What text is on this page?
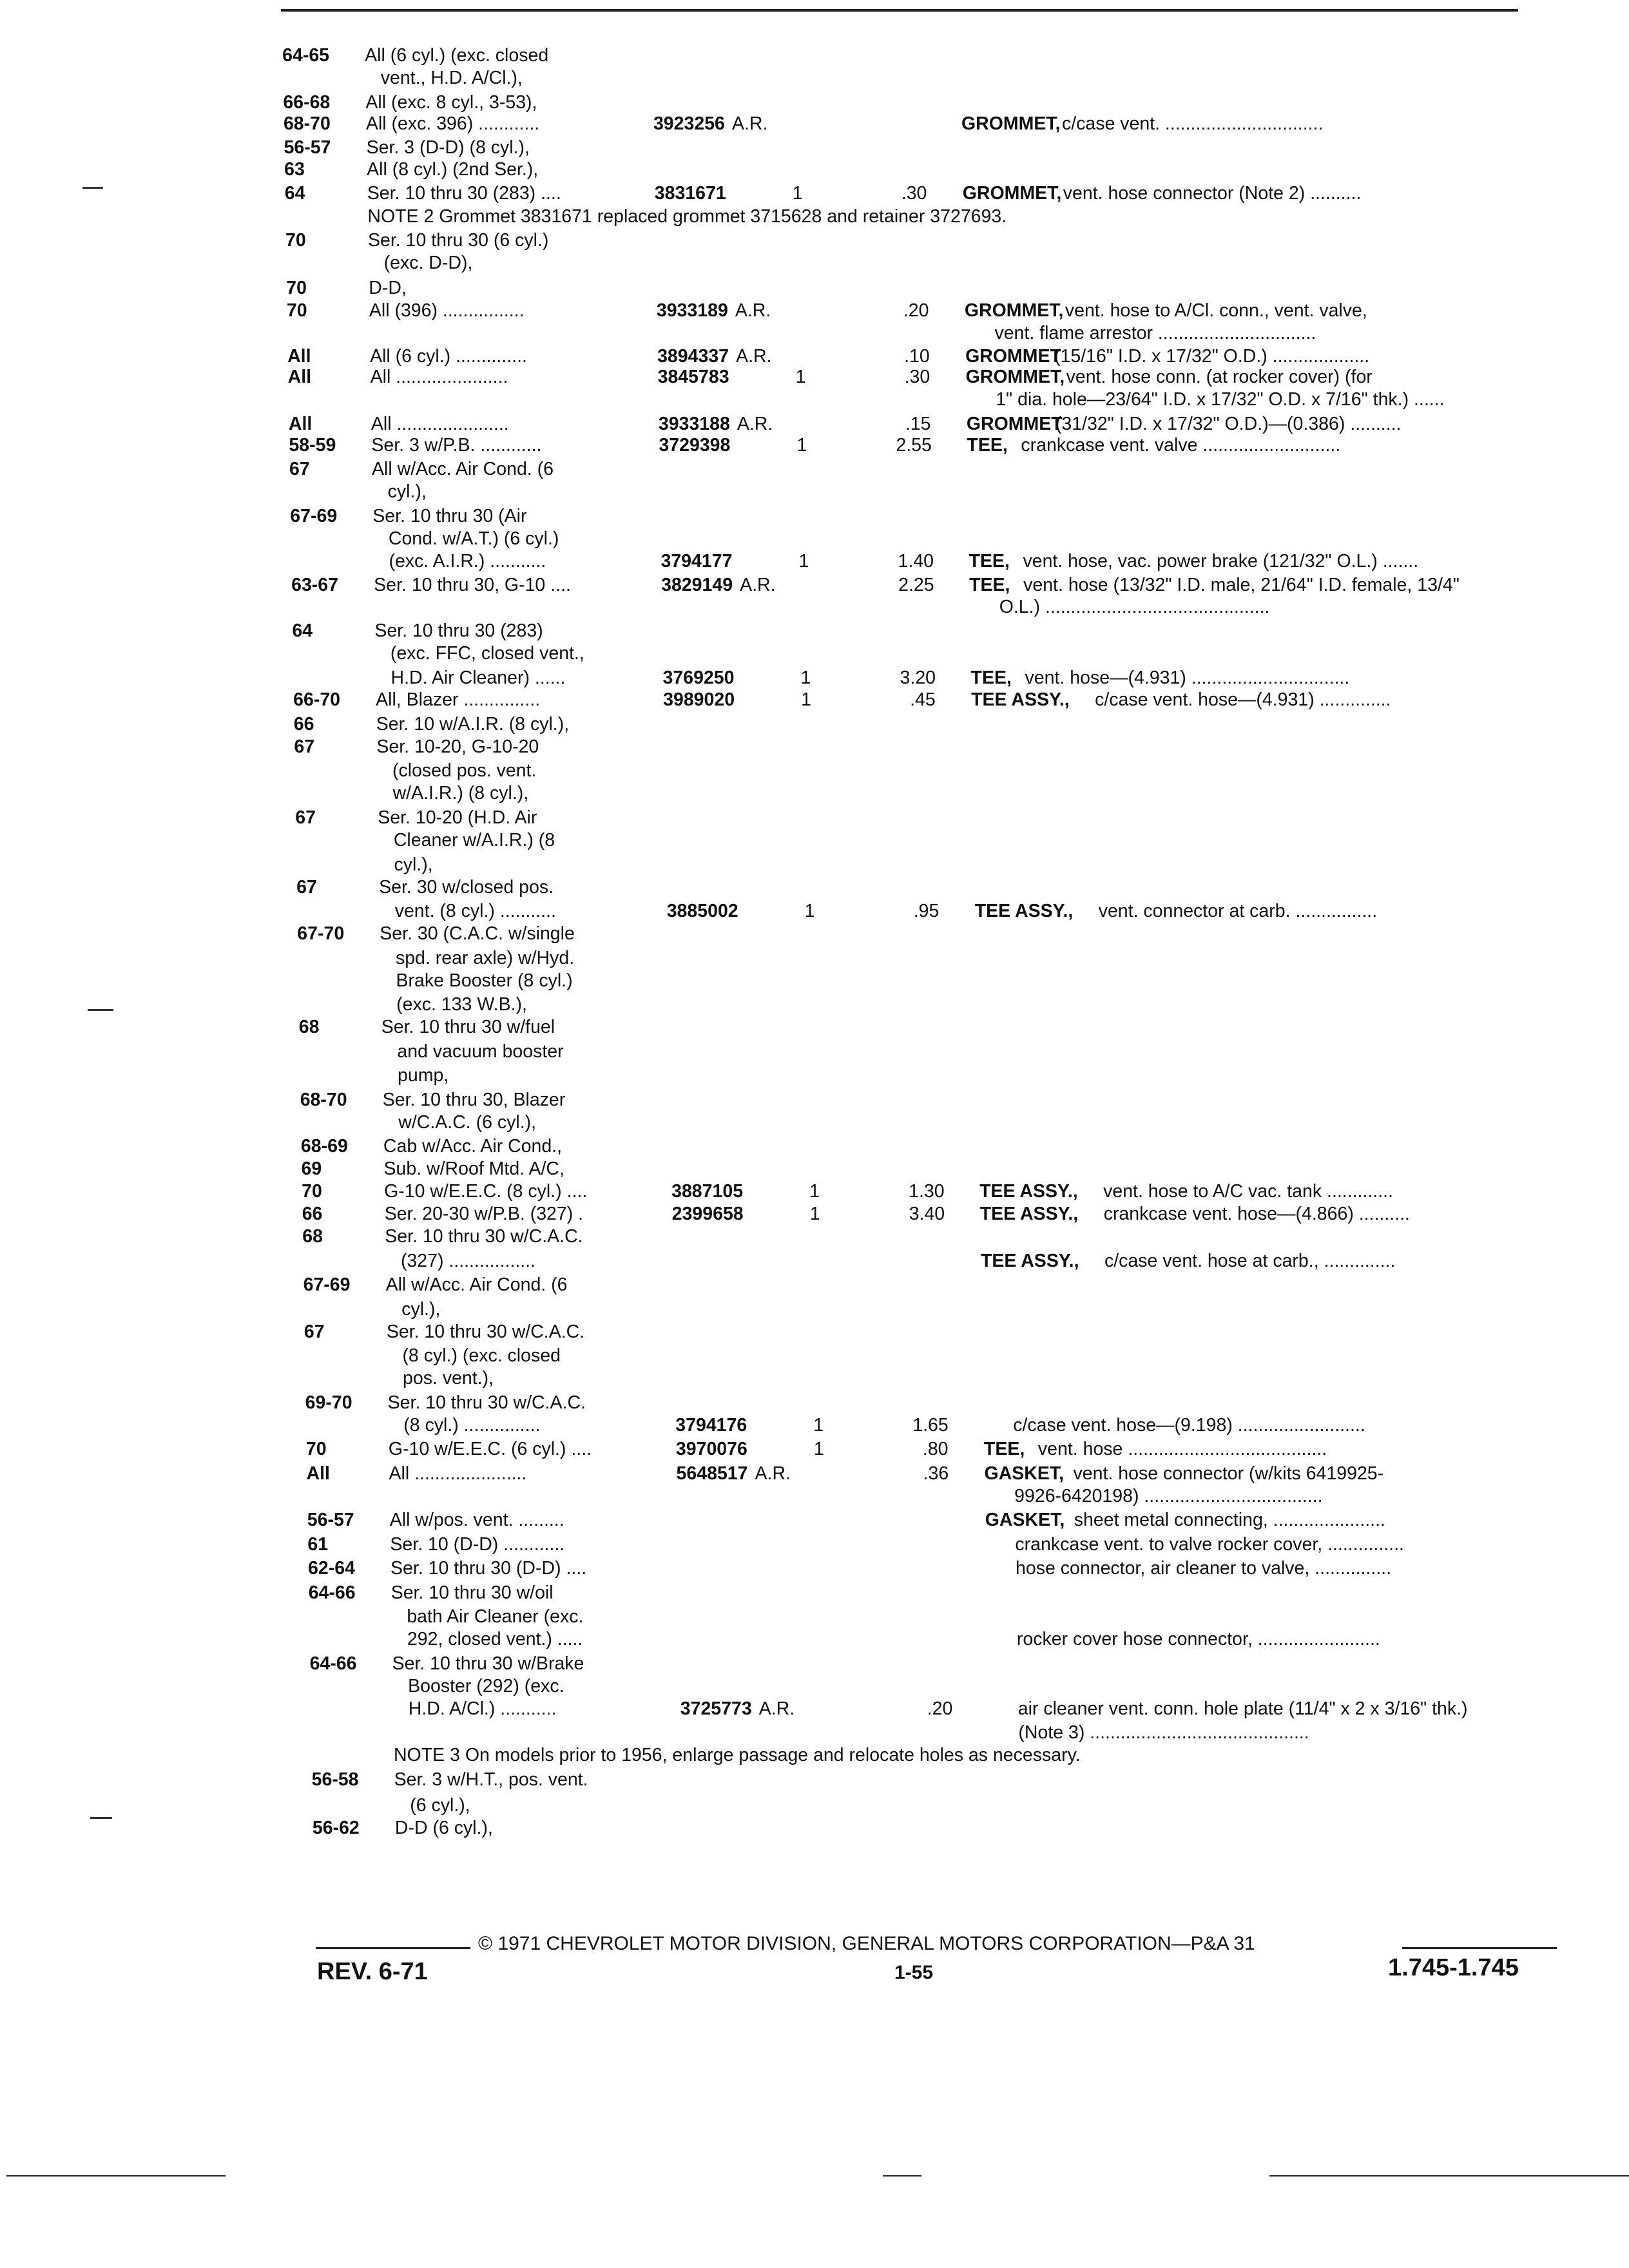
64-65 All (6 cyl.) (exc. closed
vent., H.D. A/Cl.),
66-68 All (exc. 8 cyl., 3-53),
68-70 All (exc. 396) ............	3923256 A.R.	GROMMET, c/case vent. ...............................
56-57 Ser. 3 (D-D) (8 cyl.),
63	All (8 cyl.) (2nd Ser.),
64	Ser. 10 thru 30 (283) ....	3831671	1	.30 GROMMET, vent. hose connector (Note 2) ..........
NOTE 2 Grommet 3831671 replaced grommet 3715628 and retainer 3727693.
70	Ser. 10 thru 30 (6 cyl.)
(exc. D-D),
70	D-D,
70	All (396) ................	3933189 A.R.	.20 GROMMET, vent. hose to A/Cl. conn., vent. valve,
vent. flame arrestor ...............................
All	All (6 cyl.) ..............	3894337 A.R.	.10 GROMMET
(15/16" I.D. x 17/32" O.D.) ...................
All	All ......................	3845783	1	.30 GROMMET, vent. hose conn. (at rocker cover) (for
1" dia. hole—23/64" I.D. x 17/32" O.D. x 7/16" thk.) ......
All	All ......................	3933188 A.R.	.15 GROMMET
(31/32" I.D. x 17/32" O.D.)—(0.386) ..........
58-59 Ser. 3 w/P.B. ............	3729398	1	2.55 TEE, crankcase vent. valve ...........................
67	All w/Acc. Air Cond. (6
cyl.),
67-69 Ser. 10 thru 30 (Air
Cond. w/A.T.) (6 cyl.)
(exc. A.I.R.) ...........	3794177	1	1.40 TEE, vent. hose, vac. power brake (121/32" O.L.) .......
63-67 Ser. 10 thru 30, G-10 ....	3829149 A.R.	2.25 TEE, vent. hose (13/32" I.D. male, 21/64" I.D. female, 13/4"
O.L.) ............................................
64	Ser. 10 thru 30 (283)
(exc. FFC, closed vent.,
H.D. Air Cleaner) ......	3769250	1	3.20 TEE, vent. hose—(4.931) ...............................
66-70 All, Blazer ...............	3989020	1	.45 TEE ASSY., c/case vent. hose—(4.931) ..............
66	Ser. 10 w/A.I.R. (8 cyl.),
67	Ser. 10-20, G-10-20
(closed pos. vent.
w/A.I.R.) (8 cyl.),
67	Ser. 10-20 (H.D. Air
Cleaner w/A.I.R.) (8
cyl.),
67	Ser. 30 w/closed pos.
vent. (8 cyl.) ...........	3885002	1	.95 TEE ASSY., vent. connector at carb. ................
67-70 Ser. 30 (C.A.C. w/single
spd. rear axle) w/Hyd.
Brake Booster (8 cyl.)
(exc. 133 W.B.),
68	Ser. 10 thru 30 w/fuel
and vacuum booster
pump,
68-70 Ser. 10 thru 30, Blazer
w/C.A.C. (6 cyl.),
68-69 Cab w/Acc. Air Cond.,
69	Sub. w/Roof Mtd. A/C,
70	G-10 w/E.E.C. (8 cyl.) ....	3887105	1	1.30 TEE ASSY., vent. hose to A/C vac. tank .............
66	Ser. 20-30 w/P.B. (327) .	2399658	1	3.40 TEE ASSY., crankcase vent. hose—(4.866) ..........
68	Ser. 10 thru 30 w/C.A.C.
(327) .................	TEE ASSY., c/case vent. hose at carb., ..............
67-69 All w/Acc. Air Cond. (6
cyl.),
67	Ser. 10 thru 30 w/C.A.C.
(8 cyl.) (exc. closed
pos. vent.),
69-70 Ser. 10 thru 30 w/C.A.C.
(8 cyl.) ...............	3794176	1	1.65	c/case vent. hose—(9.198) .........................
70	G-10 w/E.E.C. (6 cyl.) ....	3970076	1	.80 TEE, vent. hose .......................................
All	All ......................	5648517 A.R.	.36 GASKET, vent. hose connector (w/kits 6419925-
9926-6420198) ...................................
56-57 All w/pos. vent. .........	GASKET, sheet metal connecting, ......................
61	Ser. 10 (D-D) ............	crankcase vent. to valve rocker cover, ...............
62-64 Ser. 10 thru 30 (D-D) ....	hose connector, air cleaner to valve, ...............
64-66 Ser. 10 thru 30 w/oil
bath Air Cleaner (exc.
292, closed vent.) .....	rocker cover hose connector, ........................
64-66 Ser. 10 thru 30 w/Brake
Booster (292) (exc.
H.D. A/Cl.) ...........	3725773 A.R.	.20	air cleaner vent. conn. hole plate (11/4" x 2 x 3/16" thk.)
(Note 3) ...........................................
NOTE 3 On models prior to 1956, enlarge passage and relocate holes as necessary.
56-58 Ser. 3 w/H.T., pos. vent.
(6 cyl.),
56-62 D-D (6 cyl.),
© 1971 CHEVROLET MOTOR DIVISION, GENERAL MOTORS CORPORATION—P&A 31
REV. 6-71	1-55	1.745-1.745
